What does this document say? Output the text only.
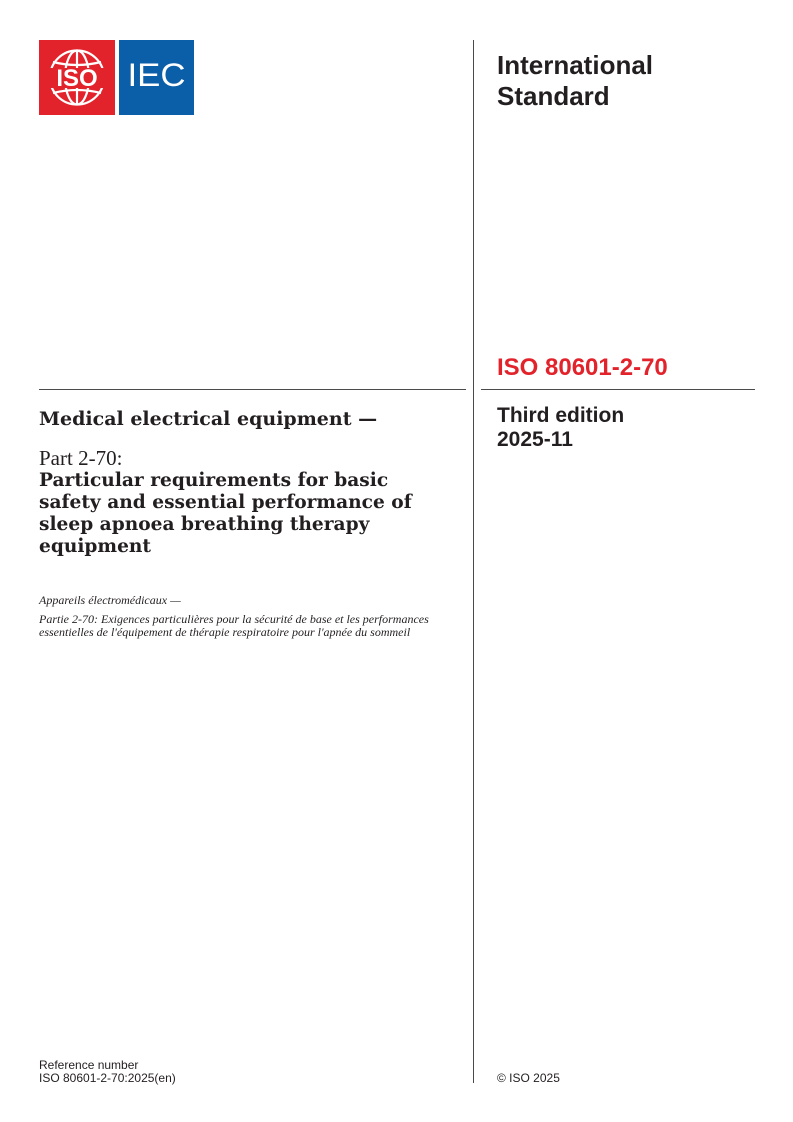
ISO IEC	International
Standard
ISO 80601-2-70
Third edition
2025-11
Medical electrical equipment —
Part 2-70:
Particular requirements for basic safety and essential performance of sleep apnoea breathing therapy equipment
Appareils électromédicaux —
Partie 2-70: Exigences particulières pour la sécurité de base et les performances essentielles de l'équipement de thérapie respiratoire pour l'apnée du sommeil
Reference number
ISO 80601-2-70:2025(en)	© ISO 2025
